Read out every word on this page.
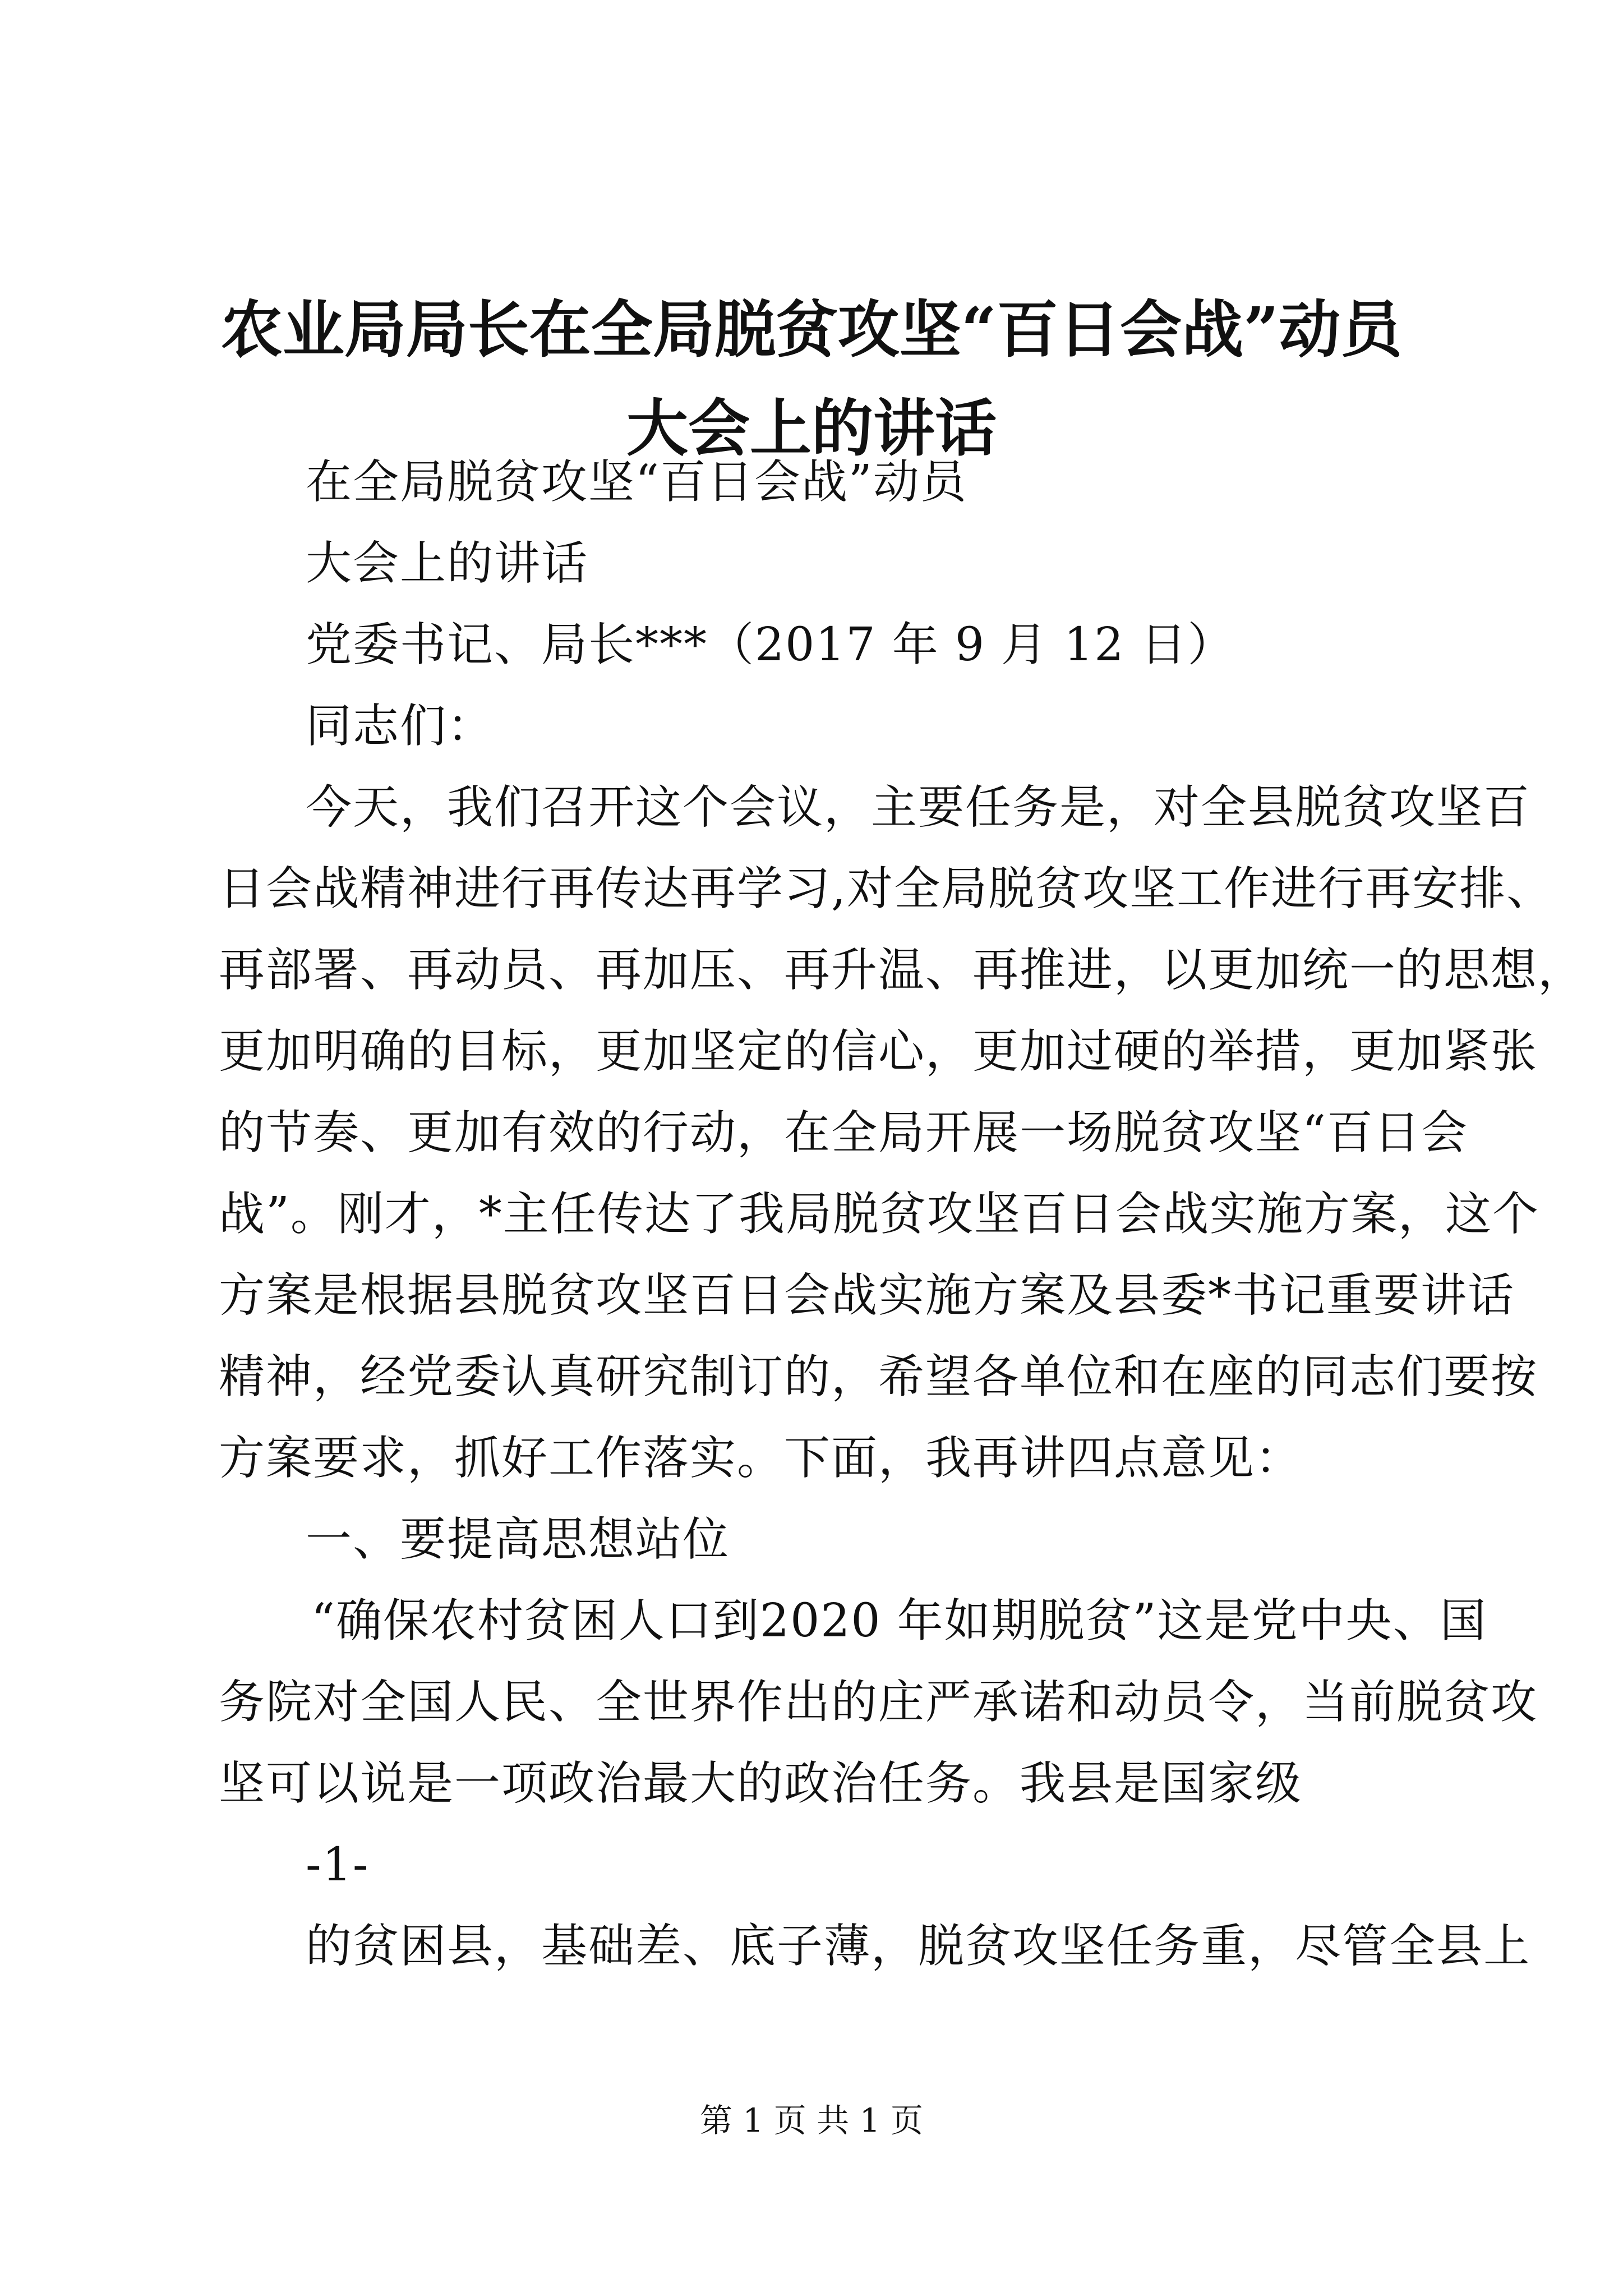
农业局局长在全局脱贫攻坚“百日会战”动员
大会上的讲话
在全局脱贫攻坚“百日会战”动员
大会上的讲话
党委书记、局长***（2017 年 9 月 12 日）
同志们：
今天，我们召开这个会议，主要任务是，对全县脱贫攻坚百
日会战精神进行再传达再学习,对全局脱贫攻坚工作进行再安排、
再部署、再动员、再加压、再升温、再推进，以更加统一的思想，
更加明确的目标，更加坚定的信心，更加过硬的举措，更加紧张
的节奏、更加有效的行动，在全局开展一场脱贫攻坚“百日会
战”。刚才，*主任传达了我局脱贫攻坚百日会战实施方案，这个
方案是根据县脱贫攻坚百日会战实施方案及县委*书记重要讲话
精神，经党委认真研究制订的，希望各单位和在座的同志们要按
方案要求，抓好工作落实。下面，我再讲四点意见：
一、要提高思想站位
“确保农村贫困人口到2020 年如期脱贫”这是党中央、国
务院对全国人民、全世界作出的庄严承诺和动员令，当前脱贫攻
坚可以说是一项政治最大的政治任务。我县是国家级
-1-
的贫困县，基础差、底子薄，脱贫攻坚任务重，尽管全县上
第 1 页 共 1 页
